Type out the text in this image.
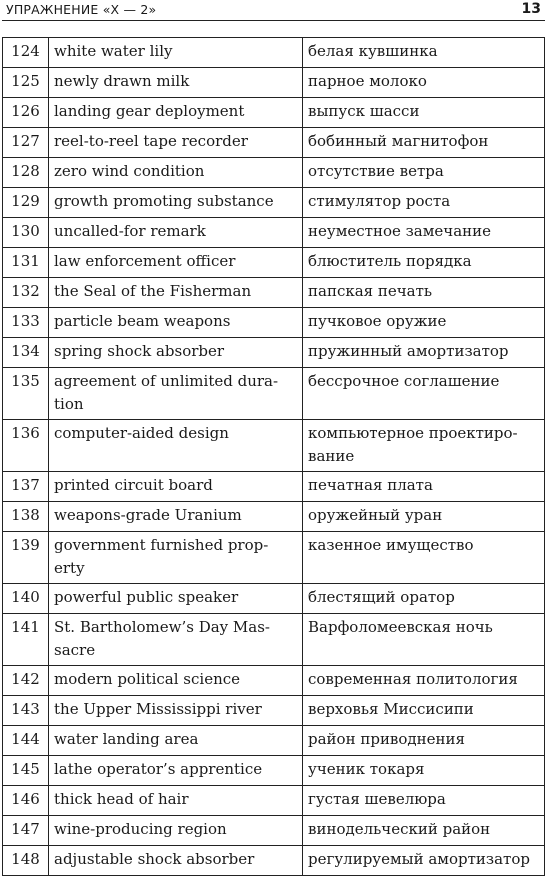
УПРАЖНЕНИЕ «Х — 2»	13
124	white water lily	белая кувшинка
125	newly drawn milk	парное молоко
126	landing gear deployment	выпуск шасси
127	reel-to-reel tape recorder	бобинный магнитофон
128	zero wind condition	отсутствие ветра
129	growth promoting substance	стимулятор роста
130	uncalled-for remark	неуместное замечание
131	law enforcement officer	блюститель порядка
132	the Seal of the Fisherman	папская печать
133	particle beam weapons	пучковое оружие
134	spring shock absorber	пружинный амортизатор
135	agreement of unlimited dura-tion	бессрочное соглашение
136	computer-aided design	компьютерное проектиро-вание
137	printed circuit board	печатная плата
138	weapons-grade Uranium	оружейный уран
139	government furnished prop-erty	казенное имущество
140	powerful public speaker	блестящий оратор
141	St. Bartholomew’s Day Mas-sacre	Варфоломеевская ночь
142	modern political science	современная политология
143	the Upper Mississippi river	верховья Миссисипи
144	water landing area	район приводнения
145	lathe operator’s apprentice	ученик токаря
146	thick head of hair	густая шевелюра
147	wine-producing region	винодельческий район
148	adjustable shock absorber	регулируемый амортизатор
